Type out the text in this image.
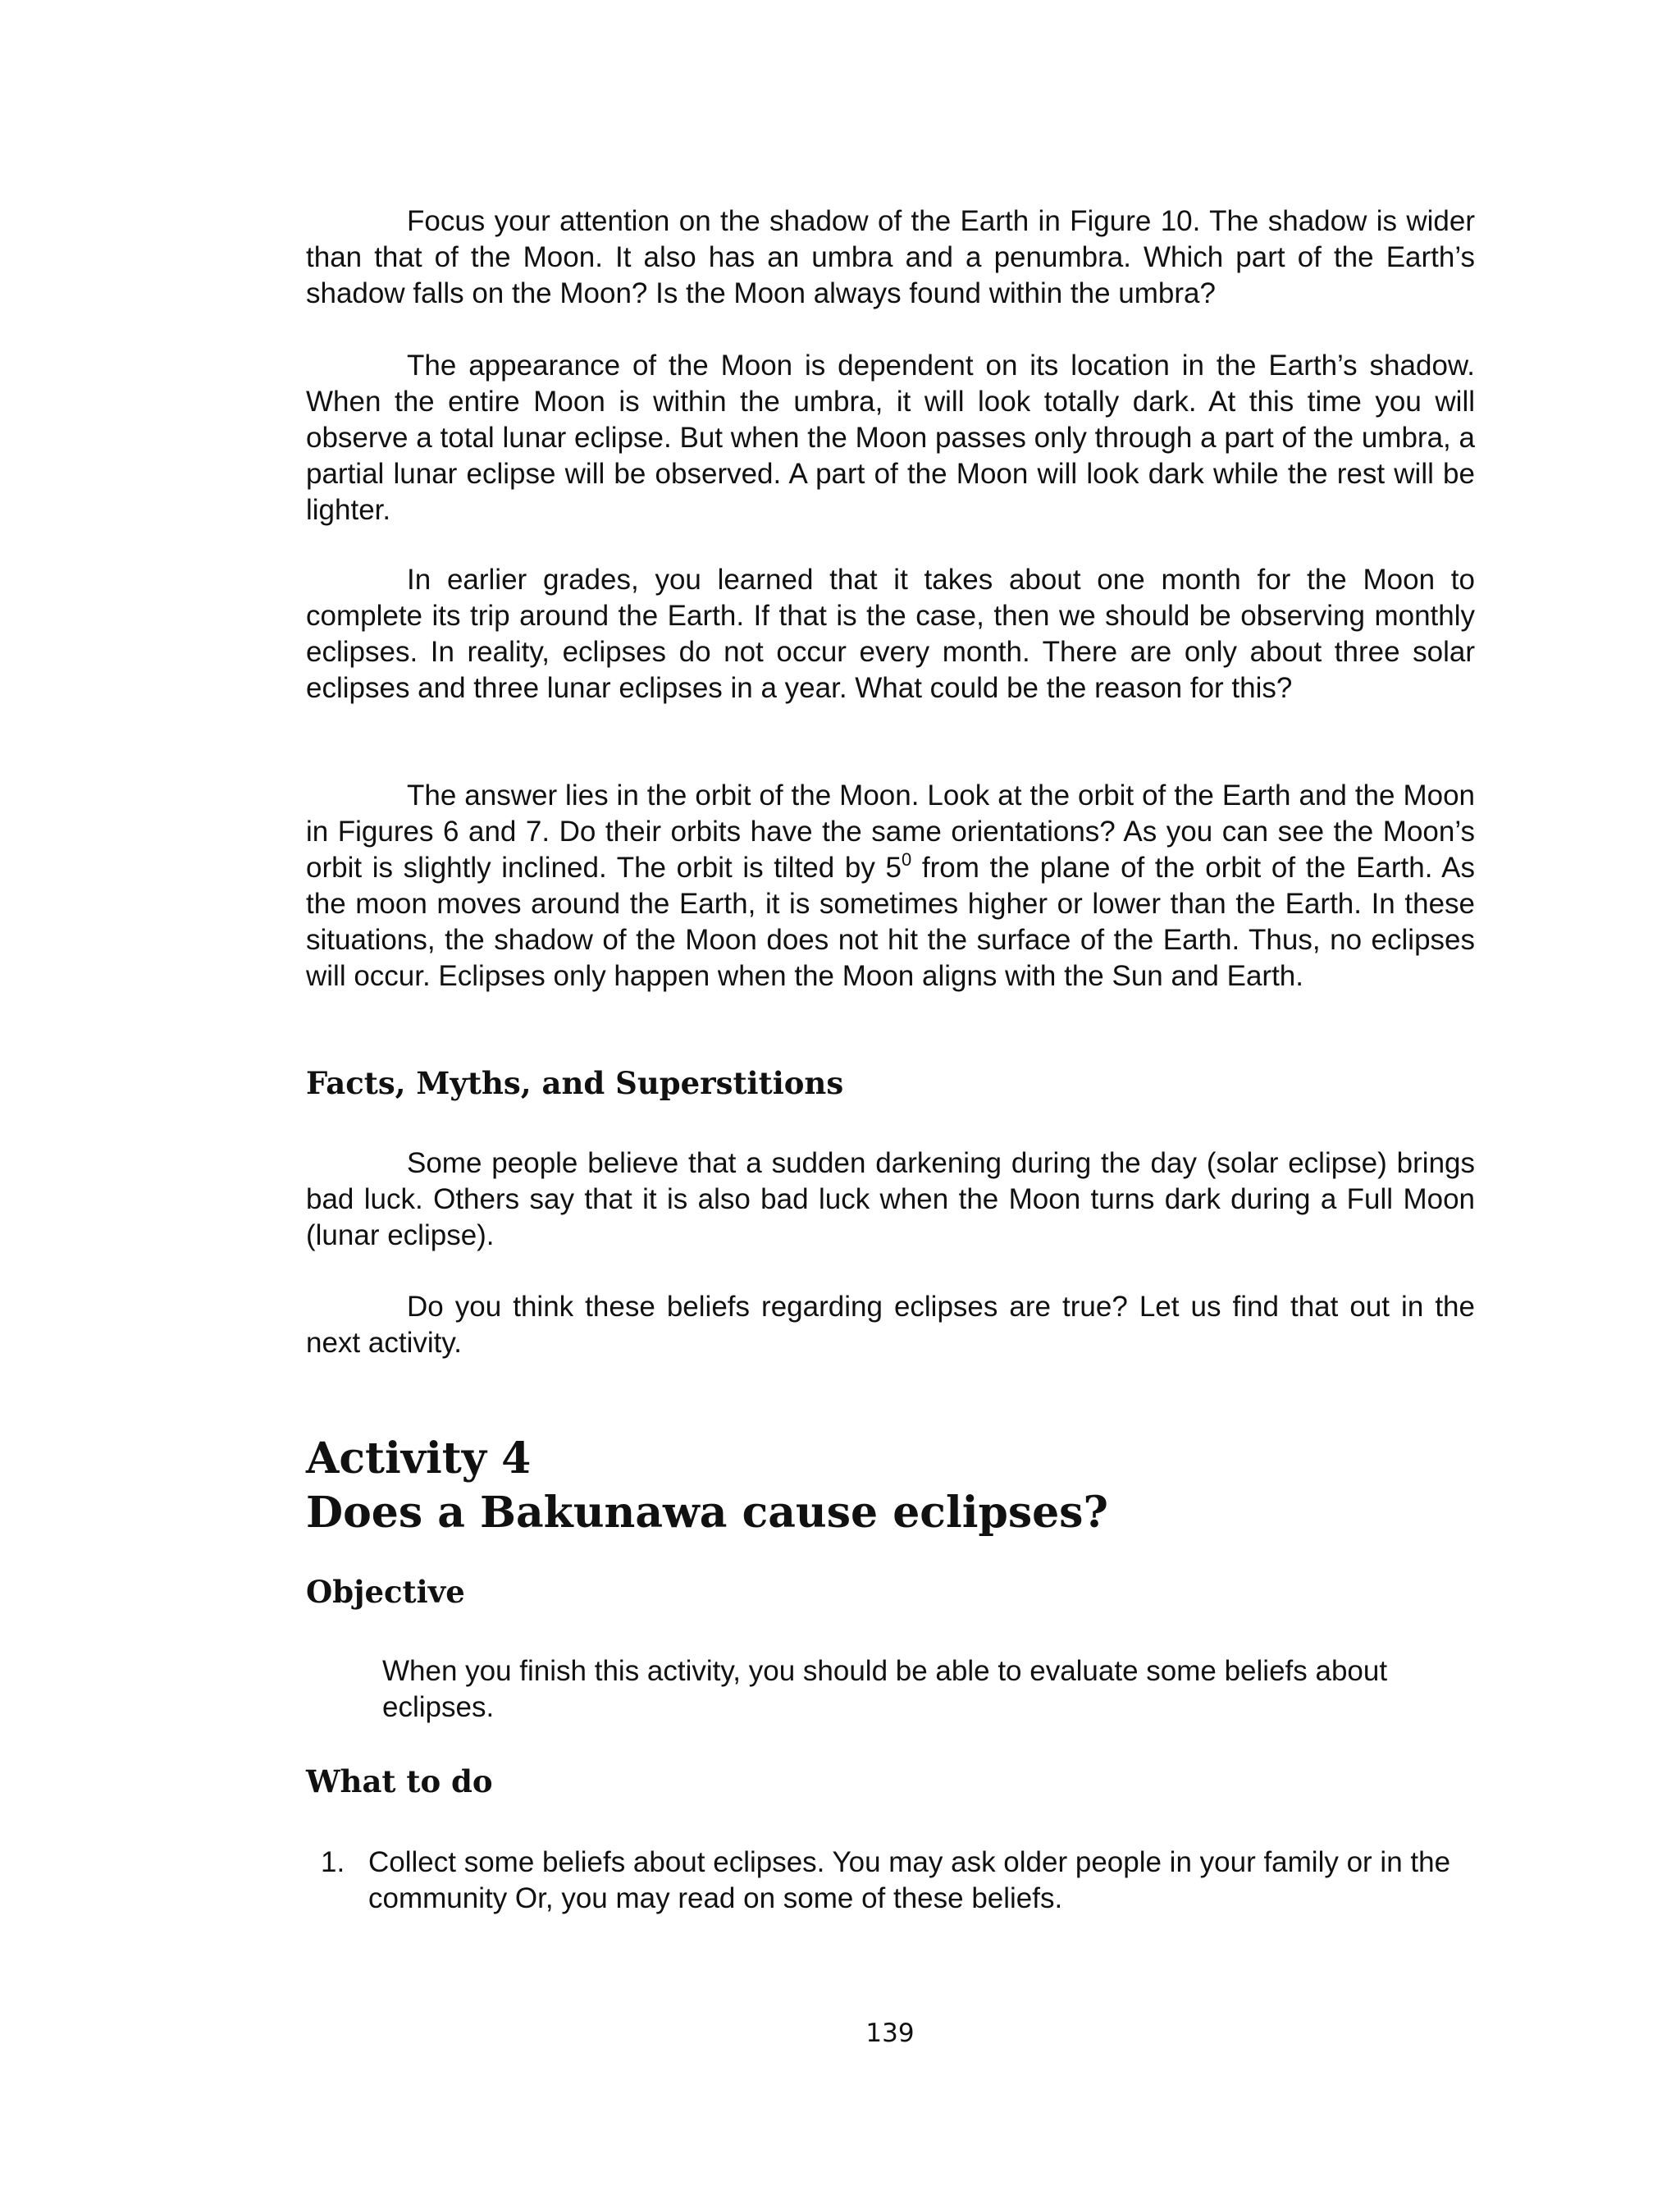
Focus your attention on the shadow of the Earth in Figure 10. The shadow is wider than that of the Moon. It also has an umbra and a penumbra. Which part of the Earth’s shadow falls on the Moon? Is the Moon always found within the umbra?

The appearance of the Moon is dependent on its location in the Earth’s shadow. When the entire Moon is within the umbra, it will look totally dark. At this time you will observe a total lunar eclipse. But when the Moon passes only through a part of the umbra, a partial lunar eclipse will be observed. A part of the Moon will look dark while the rest will be lighter.

In earlier grades, you learned that it takes about one month for the Moon to complete its trip around the Earth. If that is the case, then we should be observing monthly eclipses. In reality, eclipses do not occur every month. There are only about three solar eclipses and three lunar eclipses in a year. What could be the reason for this?

The answer lies in the orbit of the Moon. Look at the orbit of the Earth and the Moon in Figures 6 and 7. Do their orbits have the same orientations? As you can see the Moon’s orbit is slightly inclined. The orbit is tilted by $5^0$ from the plane of the orbit of the Earth. As the moon moves around the Earth, it is sometimes higher or lower than the Earth. In these situations, the shadow of the Moon does not hit the surface of the Earth. Thus, no eclipses will occur. Eclipses only happen when the Moon aligns with the Sun and Earth.

Facts, Myths, and Superstitions

Some people believe that a sudden darkening during the day (solar eclipse) brings bad luck. Others say that it is also bad luck when the Moon turns dark during a Full Moon (lunar eclipse).

Do you think these beliefs regarding eclipses are true? Let us find that out in the next activity.

Activity 4
Does a Bakunawa cause eclipses?
Objective

When you finish this activity, you should be able to evaluate some beliefs about eclipses.

What to do
1. Collect some beliefs about eclipses. You may ask older people in your family or in the community Or, you may read on some of these beliefs.
139
